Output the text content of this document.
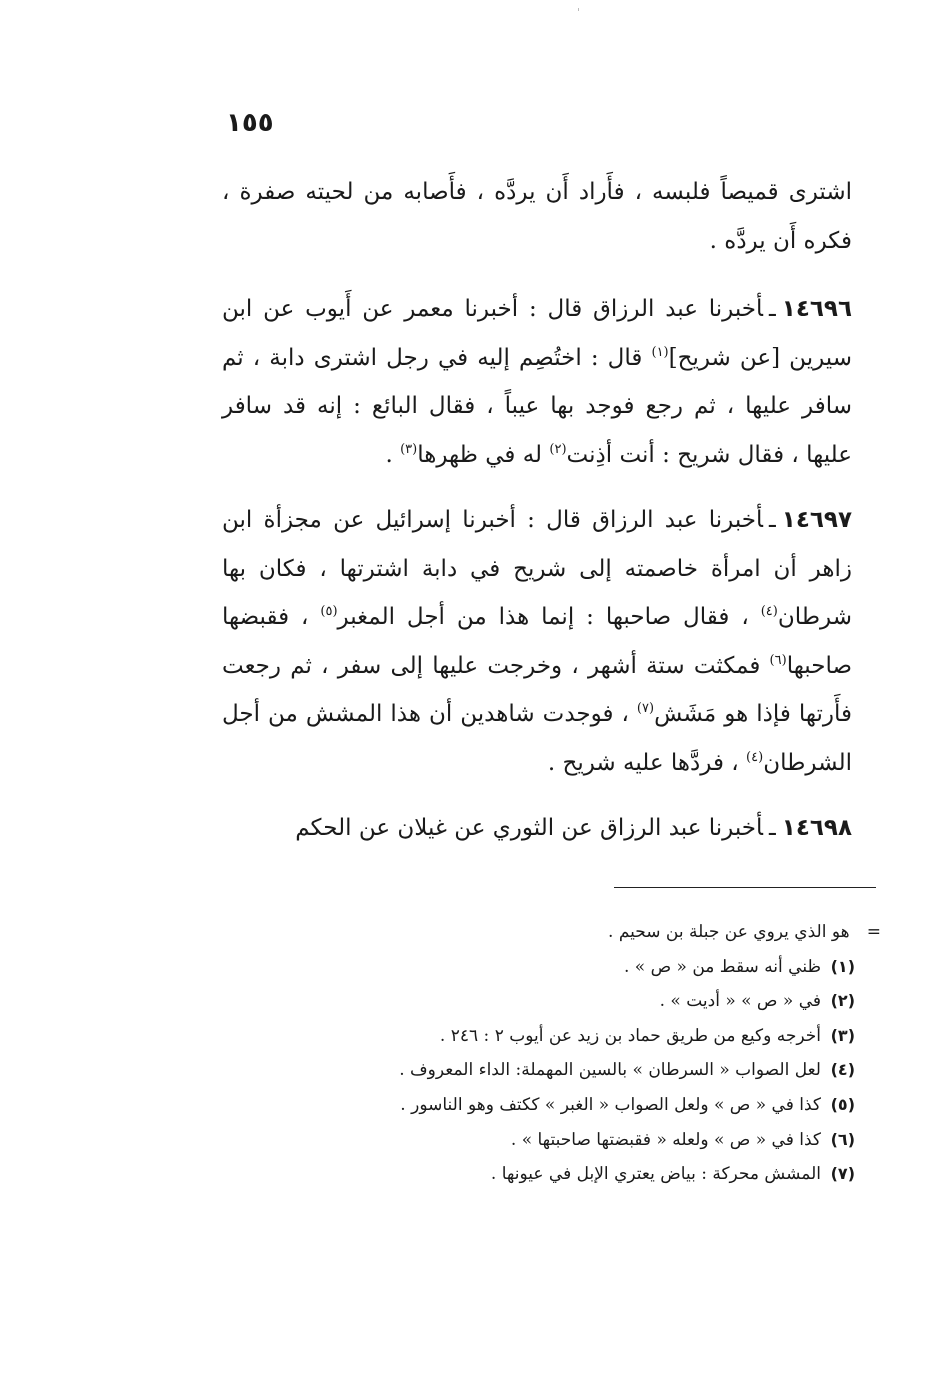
١٥٥

اشترى قميصاً فلبسه ، فأَراد أَن يردَّه ، فأَصابه من لحيته صفرة ، فكره أَن يردَّه .

١٤٦٩٦ـأخبرنا عبد الرزاق قال : أخبرنا معمر عن أَيوب عن ابن سيرين [عن شريح]$^{(١)}$ قال : اختُصِم إليه في رجل اشترى دابة ، ثم سافر عليها ، ثم رجع فوجد بها عيباً ، فقال البائع : إنه قد سافر عليها ، فقال شريح : أنت أذِنت$^{(٢)}$ له في ظهرها$^{(٣)}$ .

١٤٦٩٧ـأخبرنا عبد الرزاق قال : أخبرنا إسرائيل عن مجزأة ابن زاهر أن امرأة خاصمته إلى شريح في دابة اشترتها ، فكان بها شرطان$^{(٤)}$ ، فقال صاحبها : إنما هذا من أجل المغبر$^{(٥)}$ ، فقبضها صاحبها$^{(٦)}$ فمكثت ستة أشهر ، وخرجت عليها إلى سفر ، ثم رجعت فأَرتها فإذا هو مَشَش$^{(٧)}$ ، فوجدت شاهدين أن هذا المشش من أجل الشرطان$^{(٤)}$ ، فردَّها عليه شريح .

١٤٦٩٨ـأخبرنا عبد الرزاق عن الثوري عن غيلان عن الحكم

= هو الذي يروي عن جبلة بن سحيم .
(١)ظني أنه سقط من « ص » .
(٢)في « ص » « أديت » .
(٣)أخرجه وكيع من طريق حماد بن زيد عن أيوب ٢ : ٢٤٦ .
(٤)لعل الصواب « السرطان » بالسين المهملة: الداء المعروف .
(٥)كذا في « ص » ولعل الصواب « الغبر » ككتف وهو الناسور .
(٦)كذا في « ص » ولعله « فقبضتها صاحبتها » .
(٧)المشش محركة : بياض يعتري الإبل في عيونها .
